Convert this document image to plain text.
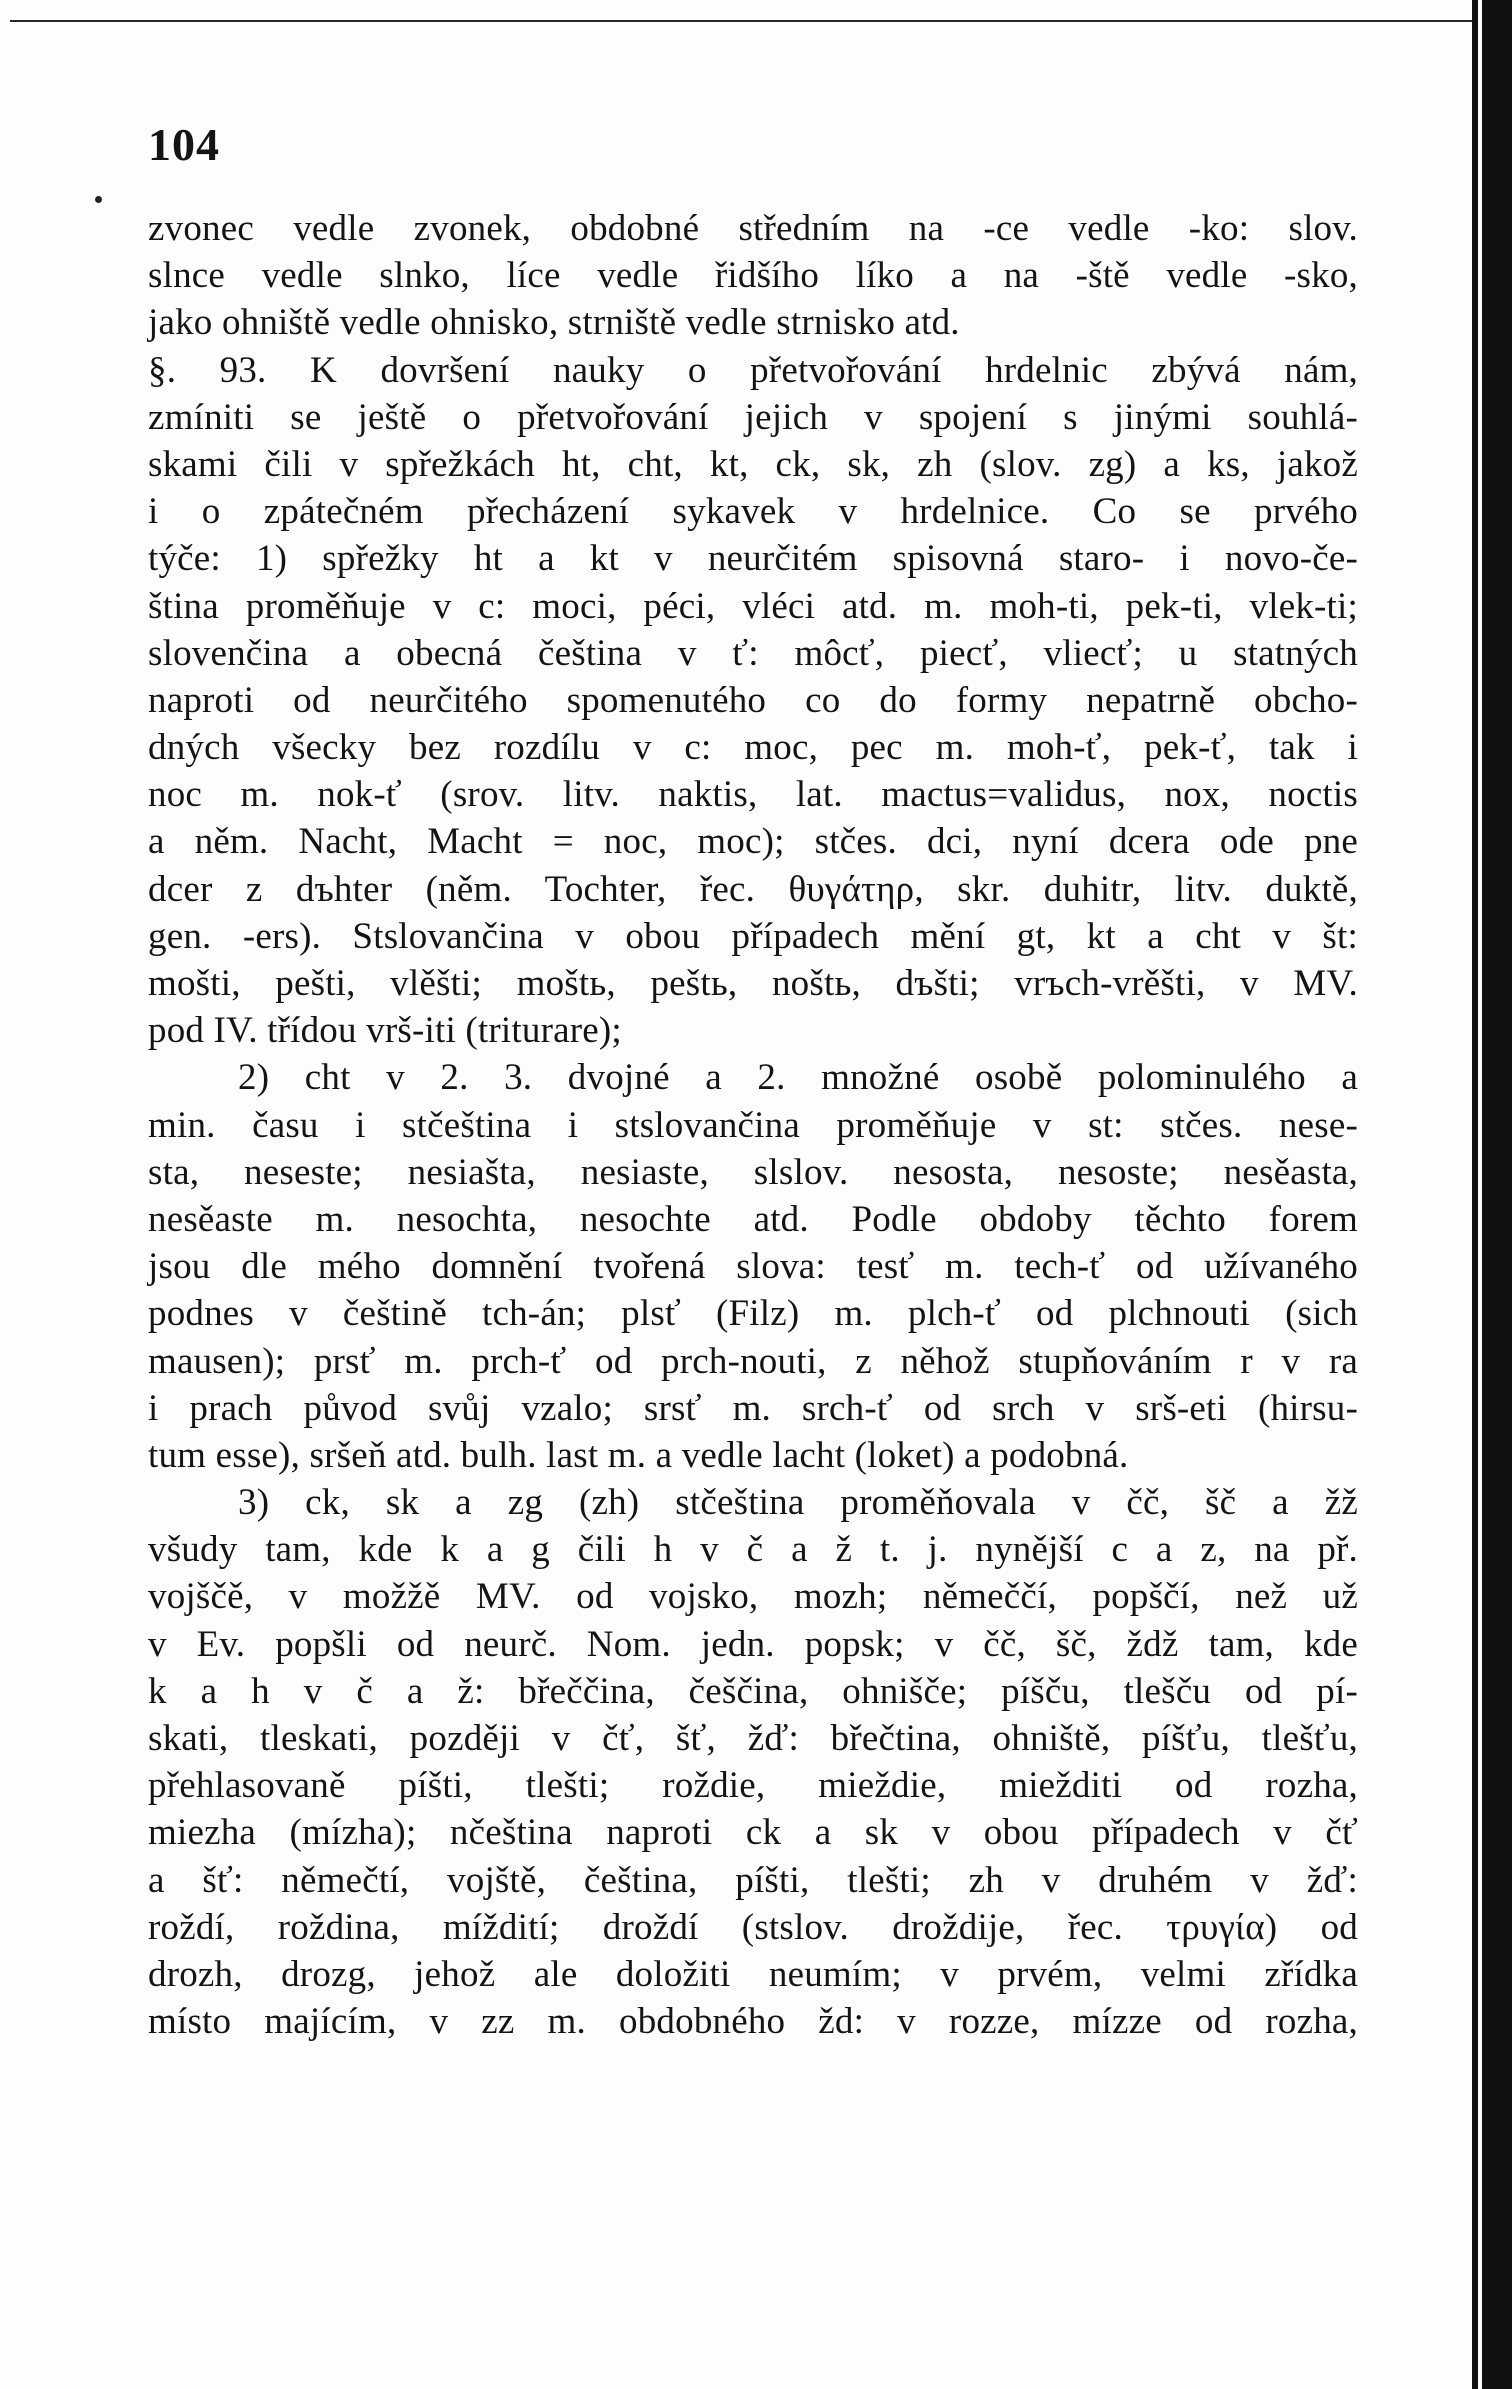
104
zvonec vedle zvonek, obdobné středním na -ce vedle -ko: slov.
slnce vedle slnko, líce vedle řidšího líko a na -ště vedle -sko,
jako ohniště vedle ohnisko, strniště vedle strnisko atd.
§. 93. K dovršení nauky o přetvořování hrdelnic zbývá nám,
zmíniti se ještě o přetvořování jejich v spojení s jinými souhlá-
skami čili v spřežkách ht, cht, kt, ck, sk, zh (slov. zg) a ks, jakož
i o zpátečném přecházení sykavek v hrdelnice. Co se prvého
týče: 1) spřežky ht a kt v neurčitém spisovná staro- i novo-če-
ština proměňuje v c: moci, péci, vléci atd. m. moh-ti, pek-ti, vlek-ti;
slovenčina a obecná čeština v ť: môcť, piecť, vliecť; u statných
naproti od neurčitého spomenutého co do formy nepatrně obcho-
dných všecky bez rozdílu v c: moc, pec m. moh-ť, pek-ť, tak i
noc m. nok-ť (srov. litv. naktis, lat. mactus=validus, nox, noctis
a něm. Nacht, Macht = noc, moc); stčes. dci, nyní dcera ode pne
dcer z dъhter (něm. Tochter, řec. θυγάτηρ, skr. duhitr, litv. duktě,
gen. -ers). Stslovančina v obou případech mění gt, kt a cht v št:
mošti, pešti, vlěšti; moštь, peštь, noštь, dъšti; vrъch-vrěšti, v MV.
pod IV. třídou vrš-iti (triturare);
2) cht v 2. 3. dvojné a 2. množné osobě polominulého a
min. času i stčeština i stslovančina proměňuje v st: stčes. nese-
sta, neseste; nesiašta, nesiaste, slslov. nesosta, nesoste; nesěasta,
nesěaste m. nesochta, nesochte atd. Podle obdoby těchto forem
jsou dle mého domnění tvořená slova: tesť m. tech-ť od užívaného
podnes v češtině tch-án; plsť (Filz) m. plch-ť od plchnouti (sich
mausen); prsť m. prch-ť od prch-nouti, z něhož stupňováním r v ra
i prach původ svůj vzalo; srsť m. srch-ť od srch v srš-eti (hirsu-
tum esse), sršeň atd. bulh. last m. a vedle lacht (loket) a podobná.
3) ck, sk a zg (zh) stčeština proměňovala v čč, šč a žž
všudy tam, kde k a g čili h v č a ž t. j. nynější c a z, na př.
vojščě, v možžě MV. od vojsko, mozh; němeččí, popščí, než už
v Ev. popšli od neurč. Nom. jedn. popsk; v čč, šč, ždž tam, kde
k a h v č a ž: břeččina, češčina, ohnišče; píšču, tlešču od pí-
skati, tleskati, později v čť, šť, žď: břečtina, ohniště, píšťu, tlešťu,
přehlasovaně píšti, tlešti; roždie, mieždie, miežditi od rozha,
miezha (mízha); nčeština naproti ck a sk v obou případech v čť
a šť: němečtí, vojště, čeština, píšti, tlešti; zh v druhém v žď:
roždí, roždina, míždití; droždí (stslov. droždije, řec. τρυγία) od
drozh, drozg, jehož ale doložiti neumím; v prvém, velmi zřídka
místo majícím, v zz m. obdobného žd: v rozze, mízze od rozha,
